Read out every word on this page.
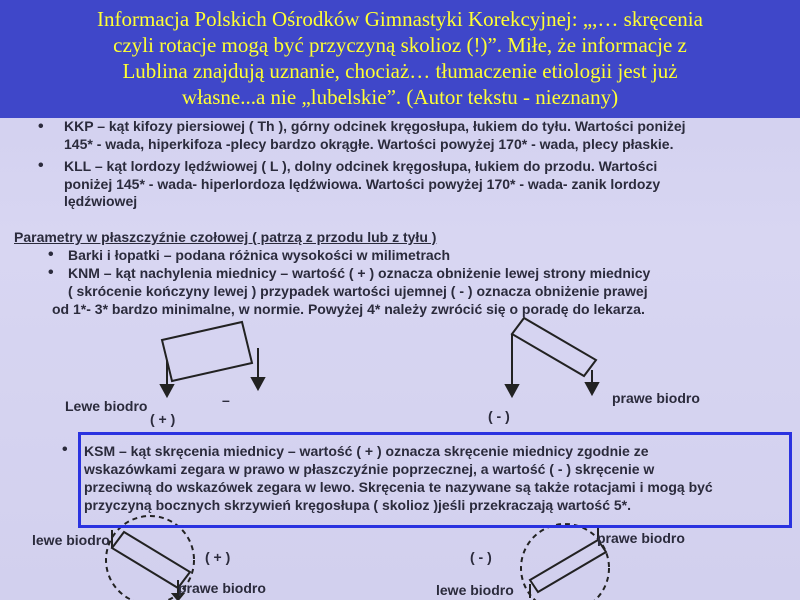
• KKP – kąt kifozy piersiowej ( Th ), górny odcinek kręgosłupa, łukiem do tyłu. Wartości poniżej
145* - wada, hiperkifoza -plecy bardzo okrągłe. Wartości powyżej 170* - wada, plecy płaskie.
• KLL – kąt lordozy lędźwiowej ( L ), dolny odcinek kręgosłupa, łukiem do przodu. Wartości
poniżej 145* - wada- hiperlordoza lędźwiowa. Wartości powyżej 170* - wada- zanik lordozy
lędźwiowej
Parametry w płaszczyźnie czołowej ( patrzą z przodu lub z tyłu )
• Barki i łopatki – podana różnica wysokości w milimetrach
• KNM – kąt nachylenia miednicy – wartość ( + ) oznacza obniżenie lewej strony miednicy
( skrócenie kończyny lewej ) przypadek wartości ujemnej ( - ) oznacza obniżenie prawej
od 1*- 3* bardzo minimalne, w normie. Powyżej 4* należy zwrócić się o poradę do lekarza.
Lewe biodro
( + )
–	prawe biodro
( - )
• KSM – kąt skręcenia miednicy – wartość ( + ) oznacza skręcenie miednicy zgodnie ze
wskazówkami zegara w prawo w płaszczyźnie poprzecznej, a wartość ( - ) skręcenie w
przeciwną do wskazówek zegara w lewo. Skręcenia te nazywane są także rotacjami i mogą być
przyczyną bocznych skrzywień kręgosłupa ( skolioz )jeśli przekraczają wartość 5*.
lewe biodro
prawe biodro
( + )	( - )
prawe biodro
lewe biodro
Informacja Polskich Ośrodków Gimnastyki Korekcyjnej: „,… skręcenia
czyli rotacje mogą być przyczyną skolioz (!)”. Miłe, że informacje z
Lublina znajdują uznanie, chociaż… tłumaczenie etiologii jest już
własne...a nie „lubelskie”. (Autor tekstu - nieznany)
